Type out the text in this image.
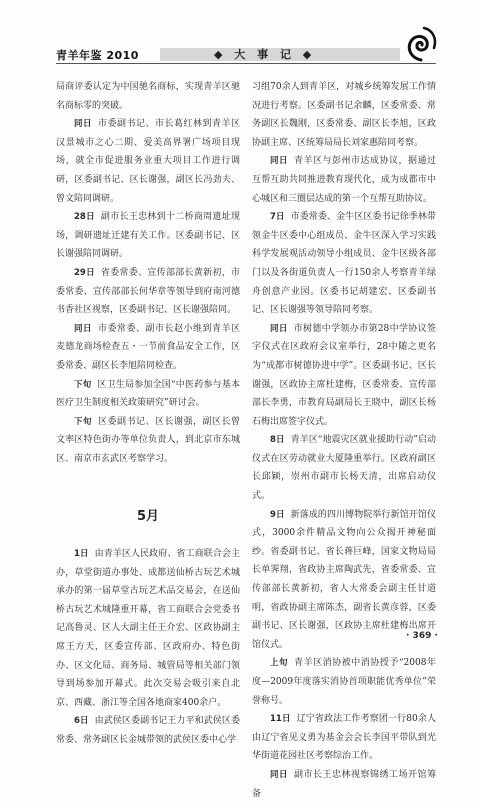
青羊年鉴 2010	◆ 大 事 记 ◆

局商评委认定为中国驰名商标，实现青羊区驰名商标零的突破。

同日 市委副书记、市长葛红林到青羊区汉景城市之心二期、爱美高界署广场项目现场，就全市促进服务业重大项目工作进行调研，区委副书记、区长谢强，副区长冯劲夫、曾文陪同调研。

28日 副市长王忠林到十二桥商周遗址现场，调研遗址迁建有关工作。区委副书记、区长谢强陪同调研。

29日 省委常委、宣传部部长黄新初，市委常委、宣传部部长何华章等领导到府南河德书香社区视察，区委副书记、区长谢强陪同。

同日 市委常委、副市长赵小维到青羊区麦德龙商场检查五・一节前食品安全工作，区委常委、副区长李旭陪同检查。

下旬 区卫生局参加全国“中医药参与基本医疗卫生制度相关政策研究”研讨会。

下旬 区委副书记、区长谢强，副区长曾文率区特色街办等单位负责人，到北京市东城区、南京市玄武区考察学习。

5月

1日 由青羊区人民政府、省工商联合会主办，草堂街道办事处、成都送仙桥古玩艺术城承办的第一届草堂古玩艺术品交易会，在送仙桥古玩艺术城隆重开幕，省工商联合会党委书记高鲁灵、区人大副主任王介宏、区政协副主席王方天，区委宣传部、区政府办、特色街办、区文化局、商务局、城管局等相关部门领导到场参加开幕式。此次交易会吸引来自北京、西藏、浙江等全国各地商家400余户。

6日 由武侯区委副书记王力平和武侯区委常委、常务副区长金城带领的武侯区委中心学

习组70余人到青羊区，对城乡统筹发展工作情况进行考察。区委副书记余麟，区委常委、常务副区长魏刚，区委常委、副区长李旭，区政协副主席、区统筹局局长刘家惠陪同考察。

同日 青羊区与彭州市达成协议，据通过互帮互助共同推进教育现代化，成为成都市中心城区和三圈层达成的第一个互帮互助协议。

7日 市委常委、金牛区区委书记徐季林带领金牛区委中心组成员、金牛区深入学习实践科学发展观活动领导小组成员、金牛区级各部门以及各街道负责人一行150余人考察青羊绿舟创意产业园。区委书记胡建宏、区委副书记、区长谢强等领导陪同考察。

同日 市树德中学领办市第28中学协议签字仪式在区政府会议室举行，28中随之更名为“成都市树德协进中学”。区委副书记、区长谢强，区政协主席杜建梅，区委常委、宣传部部长李勇，市教育局副局长王晓中，副区长杨石梅出席签字仪式。

8日 青羊区“地震灾区就业援助行动”启动仪式在区劳动就业大厦隆重举行。区政府副区长邱颖，崇州市副市长杨天清，出席启动仪式。

9日 新落成的四川博物院举行新馆开馆仪式，3000余件精品文物向公众揭开神秘面纱。省委副书记、省长蒋巨峰，国家文物局局长单霁翔，省政协主席陶武先，省委常委、宣传部部长黄新初，省人大常委会副主任甘道明，省政协副主席陈杰，副省长黄彦蓉，区委副书记、区长谢强，区政协主席杜建梅出席开馆仪式。

上旬 青羊区消协被中消协授予“2008年度—2009年度落实消协首项职能优秀单位”荣誉称号。

11日 辽宁省政法工作考察团一行80余人由辽宁省见义勇为基金会会长李国平带队到光华街道花园社区考察综治工作。

同日 副市长王忠林视察锦绣工场开馆筹备

· 369 ·
